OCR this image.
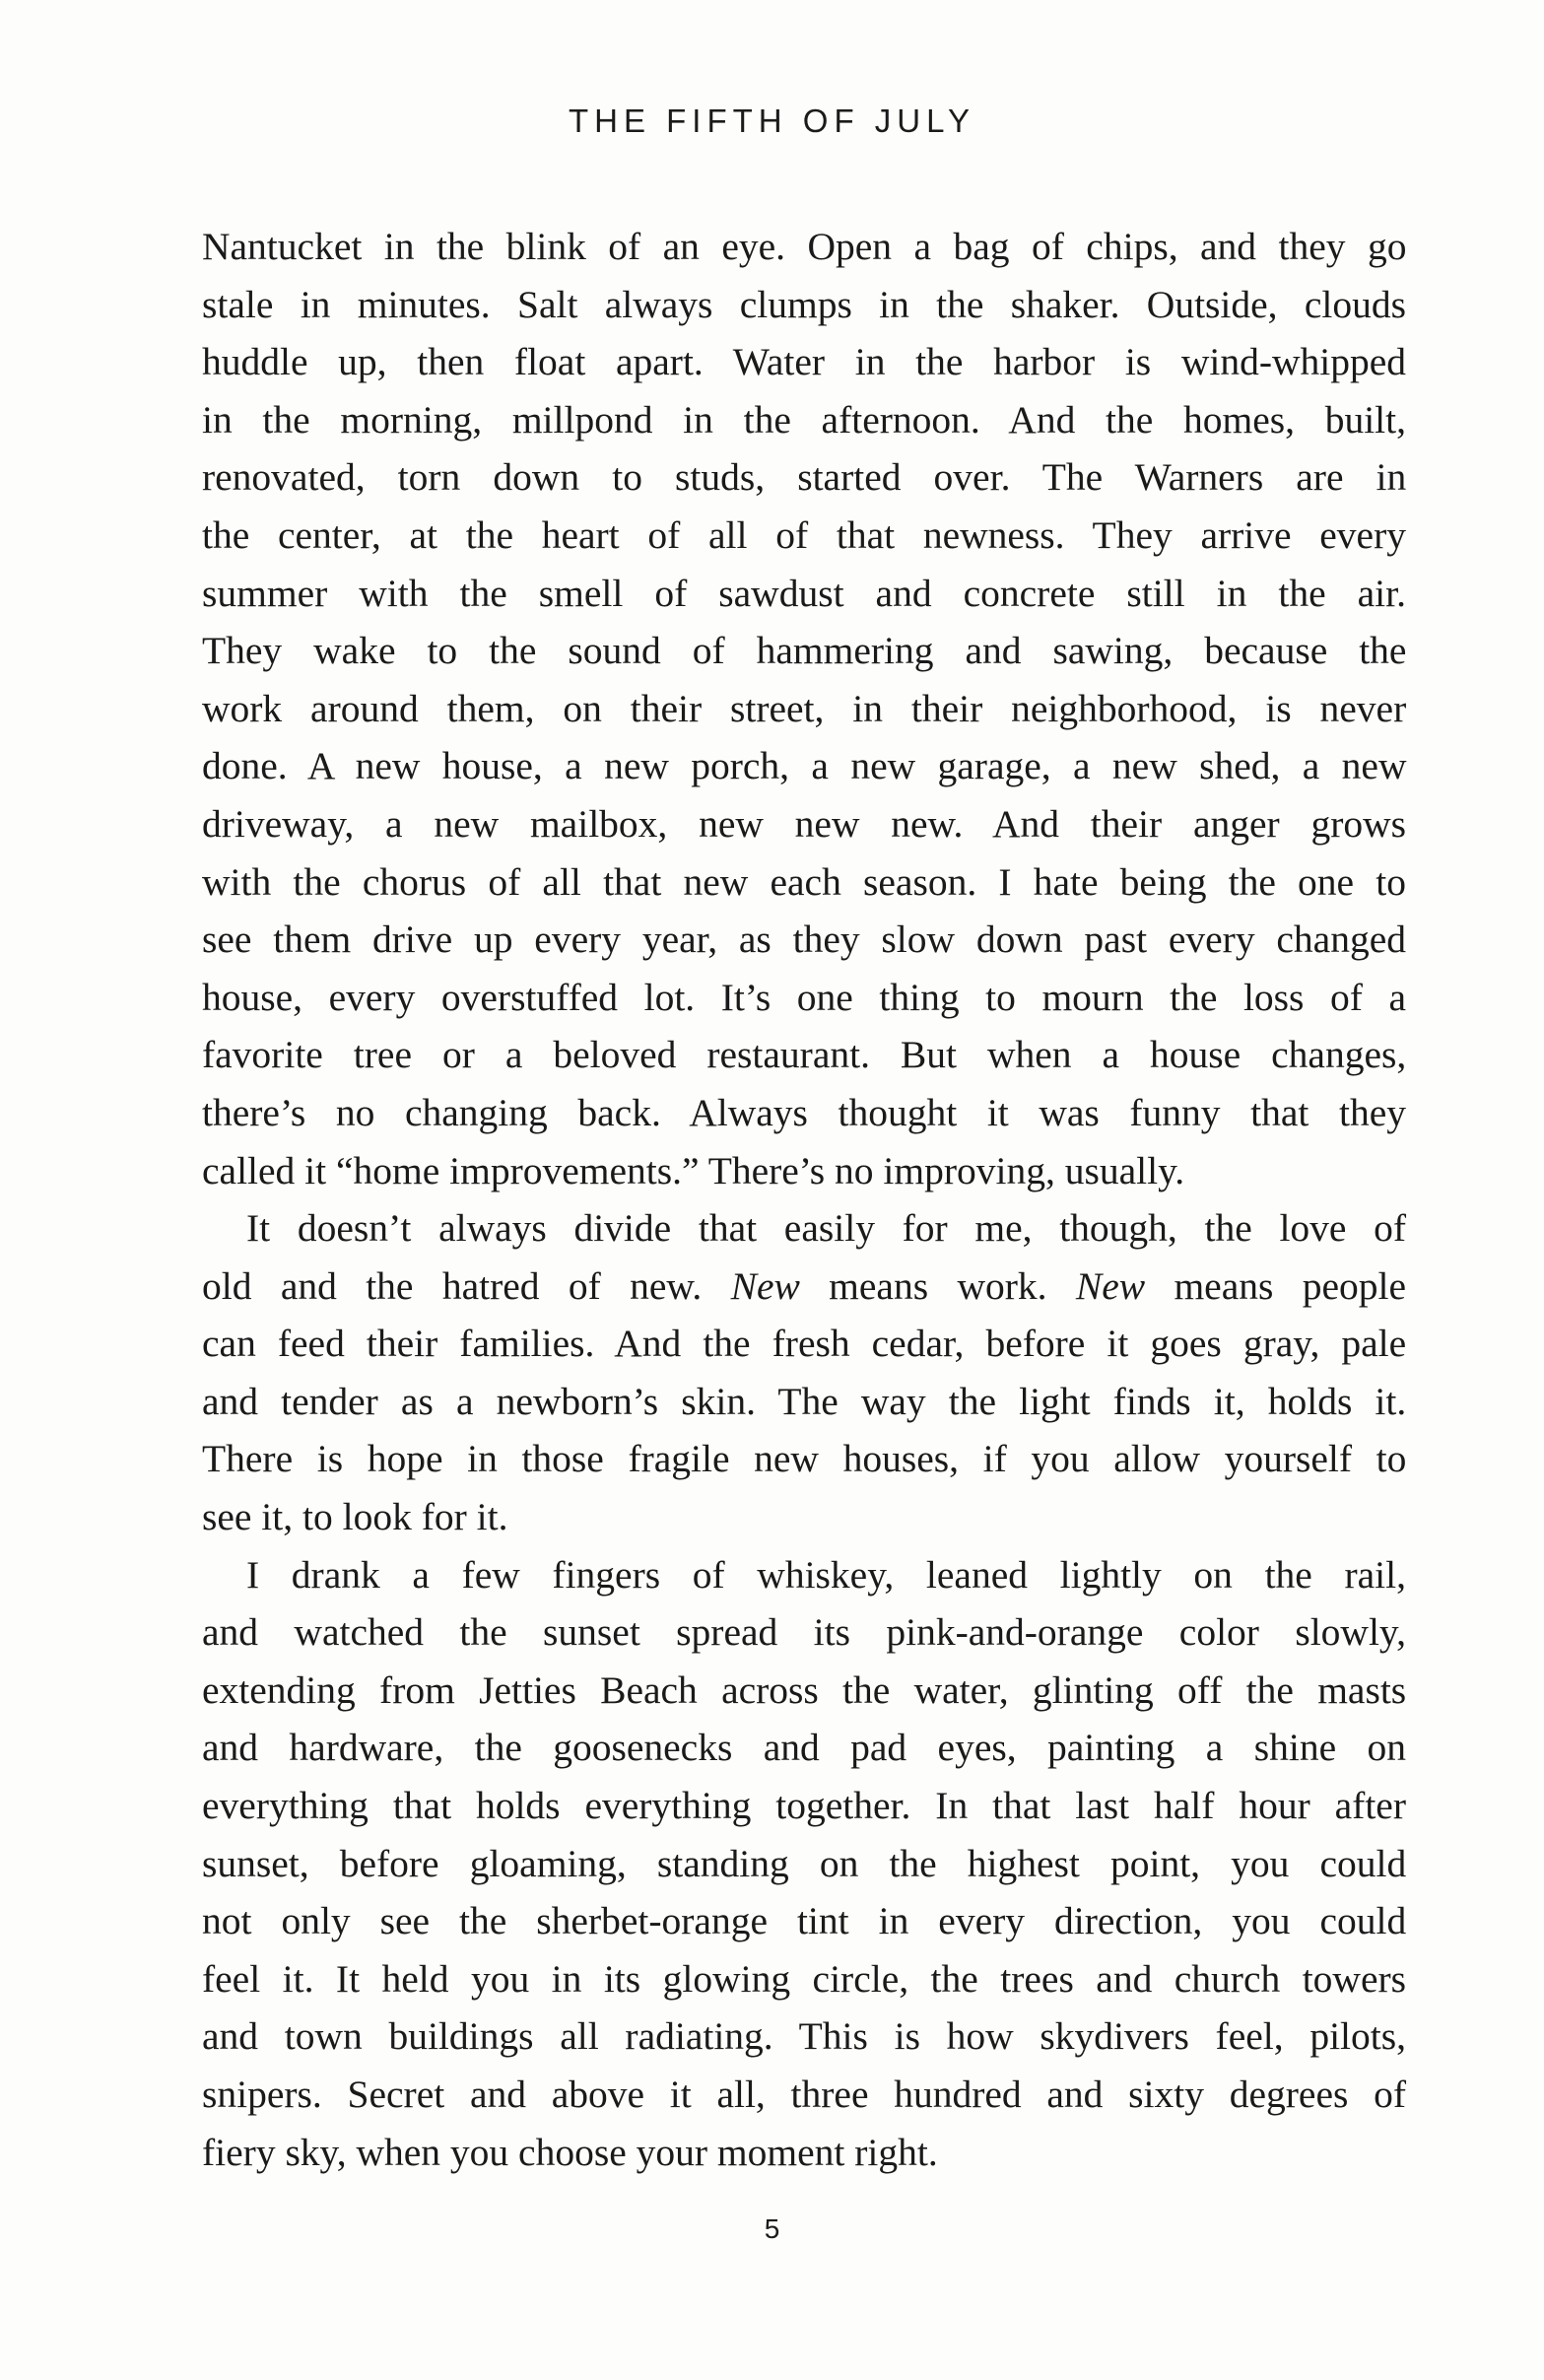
THE FIFTH OF JULY
Nantucket in the blink of an eye. Open a bag of chips, and they go
stale in minutes. Salt always clumps in the shaker. Outside, clouds
huddle up, then float apart. Water in the harbor is wind-whipped
in the morning, millpond in the afternoon. And the homes, built,
renovated, torn down to studs, started over. The Warners are in
the center, at the heart of all of that newness. They arrive every
summer with the smell of sawdust and concrete still in the air.
They wake to the sound of hammering and sawing, because the
work around them, on their street, in their neighborhood, is never
done. A new house, a new porch, a new garage, a new shed, a new
driveway, a new mailbox, new new new. And their anger grows
with the chorus of all that new each season. I hate being the one to
see them drive up every year, as they slow down past every changed
house, every overstuffed lot. It’s one thing to mourn the loss of a
favorite tree or a beloved restaurant. But when a house changes,
there’s no changing back. Always thought it was funny that they
called it “home improvements.” There’s no improving, usually.
It doesn’t always divide that easily for me, though, the love of
old and the hatred of new. New means work. New means people
can feed their families. And the fresh cedar, before it goes gray, pale
and tender as a newborn’s skin. The way the light finds it, holds it.
There is hope in those fragile new houses, if you allow yourself to
see it, to look for it.
I drank a few fingers of whiskey, leaned lightly on the rail,
and watched the sunset spread its pink-and-orange color slowly,
extending from Jetties Beach across the water, glinting off the masts
and hardware, the goosenecks and pad eyes, painting a shine on
everything that holds everything together. In that last half hour after
sunset, before gloaming, standing on the highest point, you could
not only see the sherbet-orange tint in every direction, you could
feel it. It held you in its glowing circle, the trees and church towers
and town buildings all radiating. This is how skydivers feel, pilots,
snipers. Secret and above it all, three hundred and sixty degrees of
fiery sky, when you choose your moment right.
5
